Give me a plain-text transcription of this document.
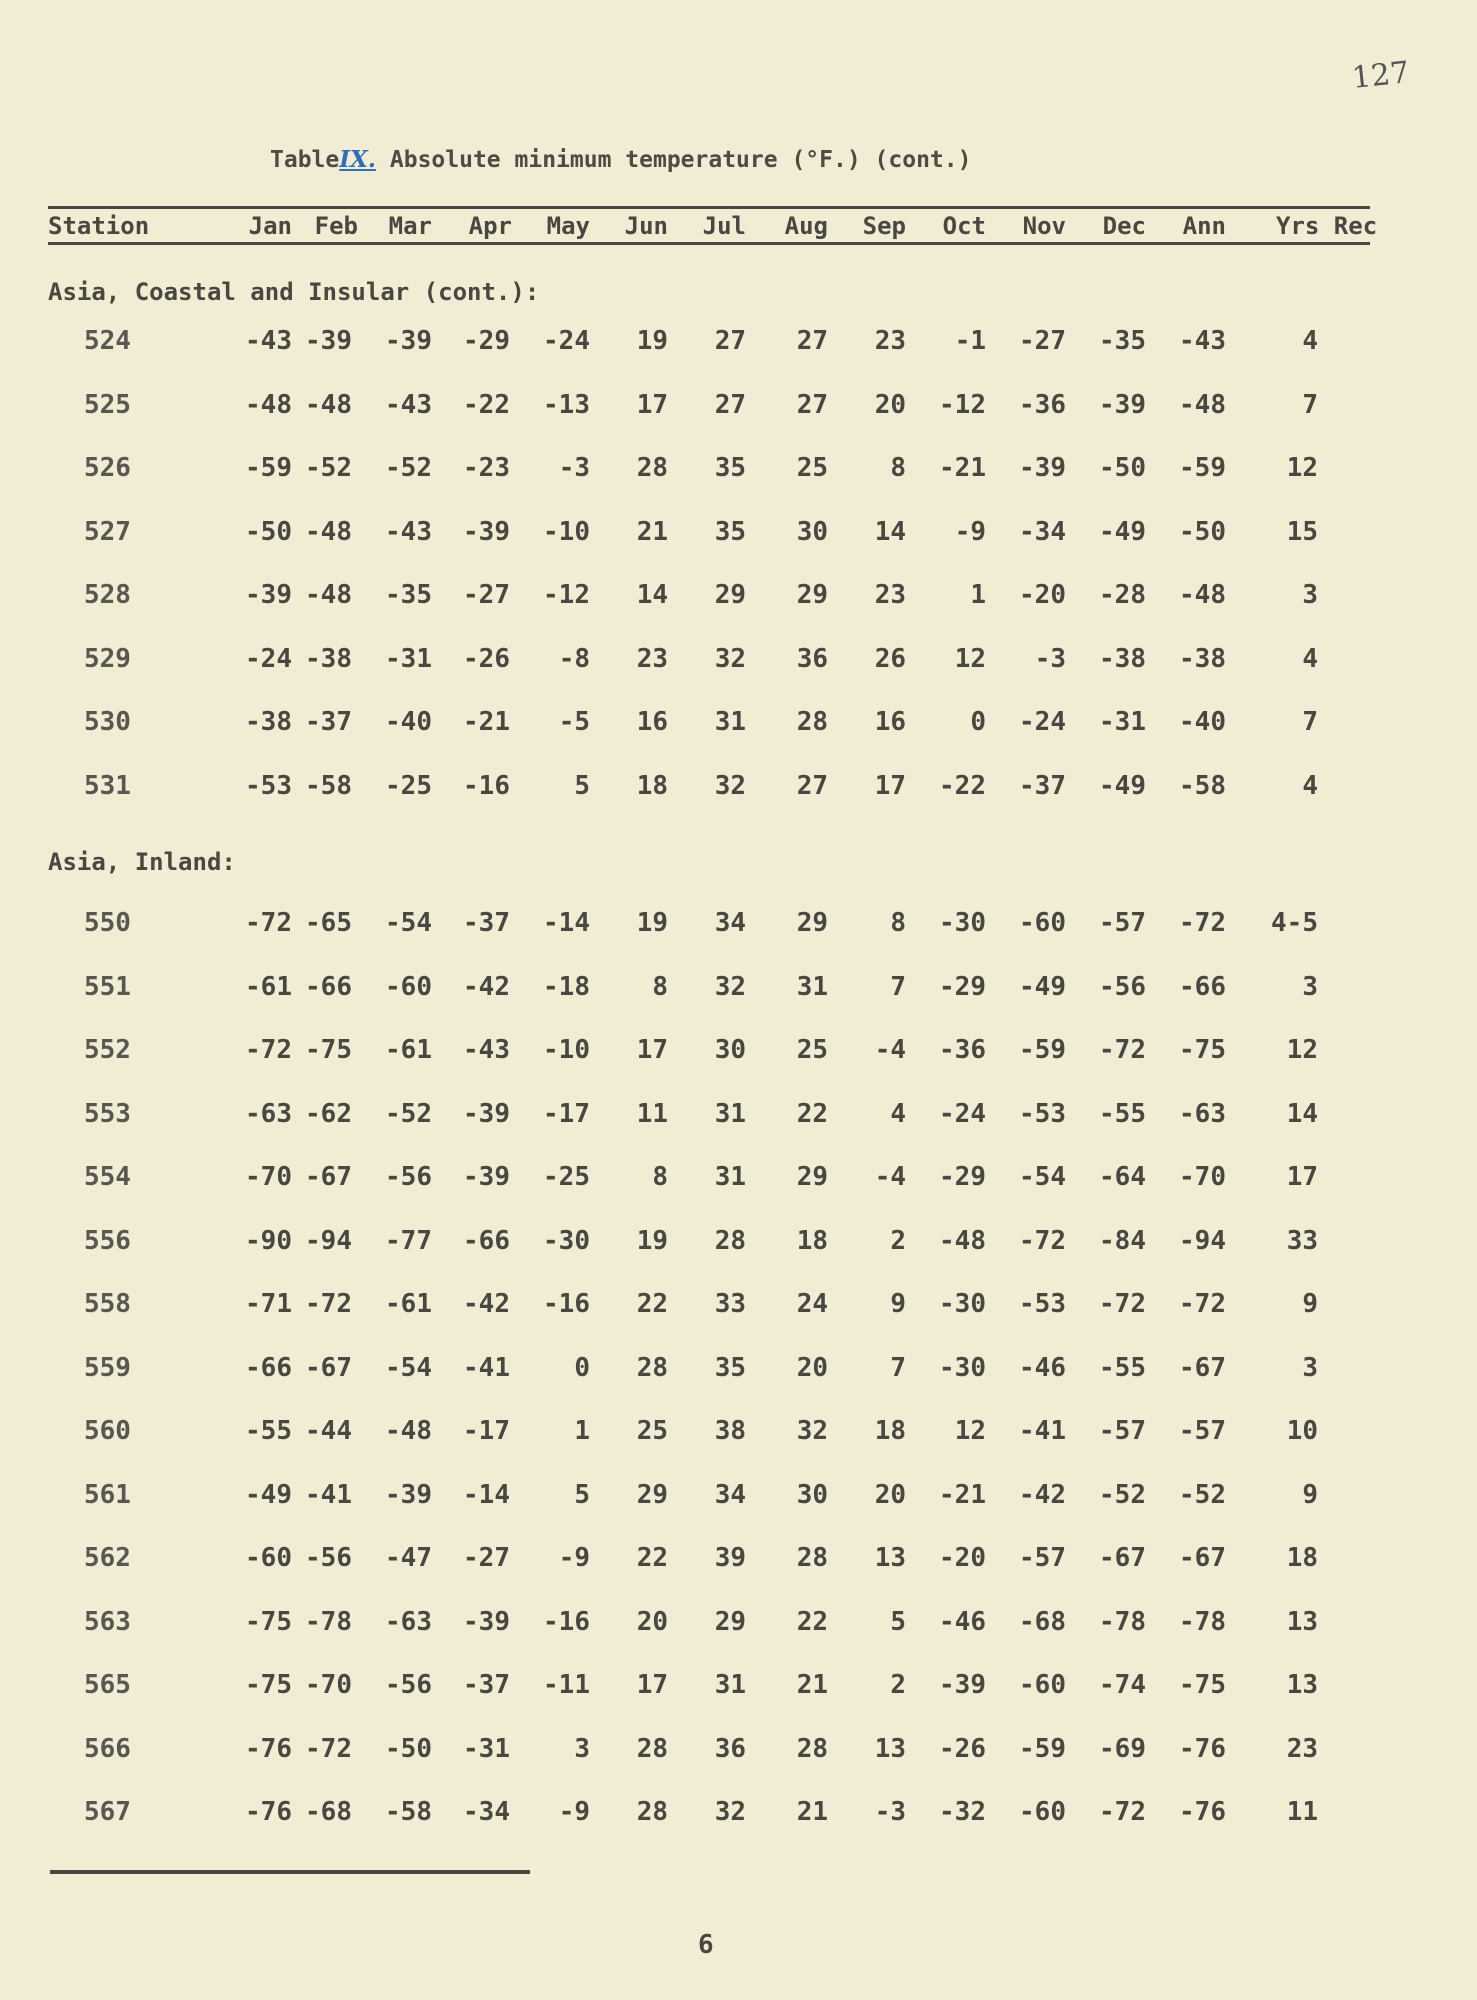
127
TableIX. Absolute minimum temperature (°F.) (cont.)
Station	Jan Feb	Mar	Apr	May	Jun	Jul	Aug	Sep	Oct	Nov	Dec	Ann Yrs Rec
Asia, Coastal and Insular (cont.):
524	-43 -39	-39	-29	-24	19	27	27	23	-1	-27	-35	-43	4
525	-48 -48	-43	-22	-13	17	27	27	20	-12	-36	-39	-48	7
526	-59 -52	-52	-23	-3	28	35	25	8	-21	-39	-50	-59	12
527	-50 -48	-43	-39	-10	21	35	30	14	-9	-34	-49	-50	15
528	-39 -48	-35	-27	-12	14	29	29	23	1	-20	-28	-48	3
529	-24 -38	-31	-26	-8	23	32	36	26	12	-3	-38	-38	4
530	-38 -37	-40	-21	-5	16	31	28	16	0	-24	-31	-40	7
531	-53 -58	-25	-16	5	18	32	27	17	-22	-37	-49	-58	4
Asia, Inland:
550	-72 -65	-54	-37	-14	19	34	29	8	-30	-60	-57	-72	4-5
551	-61 -66	-60	-42	-18	8	32	31	7	-29	-49	-56	-66	3
552	-72 -75	-61	-43	-10	17	30	25	-4	-36	-59	-72	-75	12
553	-63 -62	-52	-39	-17	11	31	22	4	-24	-53	-55	-63	14
554	-70 -67	-56	-39	-25	8	31	29	-4	-29	-54	-64	-70	17
556	-90 -94	-77	-66	-30	19	28	18	2	-48	-72	-84	-94	33
558	-71 -72	-61	-42	-16	22	33	24	9	-30	-53	-72	-72	9
559	-66 -67	-54	-41	0	28	35	20	7	-30	-46	-55	-67	3
560	-55 -44	-48	-17	1	25	38	32	18	12	-41	-57	-57	10
561	-49 -41	-39	-14	5	29	34	30	20	-21	-42	-52	-52	9
562	-60 -56	-47	-27	-9	22	39	28	13	-20	-57	-67	-67	18
563	-75 -78	-63	-39	-16	20	29	22	5	-46	-68	-78	-78	13
565	-75 -70	-56	-37	-11	17	31	21	2	-39	-60	-74	-75	13
566	-76 -72	-50	-31	3	28	36	28	13	-26	-59	-69	-76	23
567	-76 -68	-58	-34	-9	28	32	21	-3	-32	-60	-72	-76	11
6
